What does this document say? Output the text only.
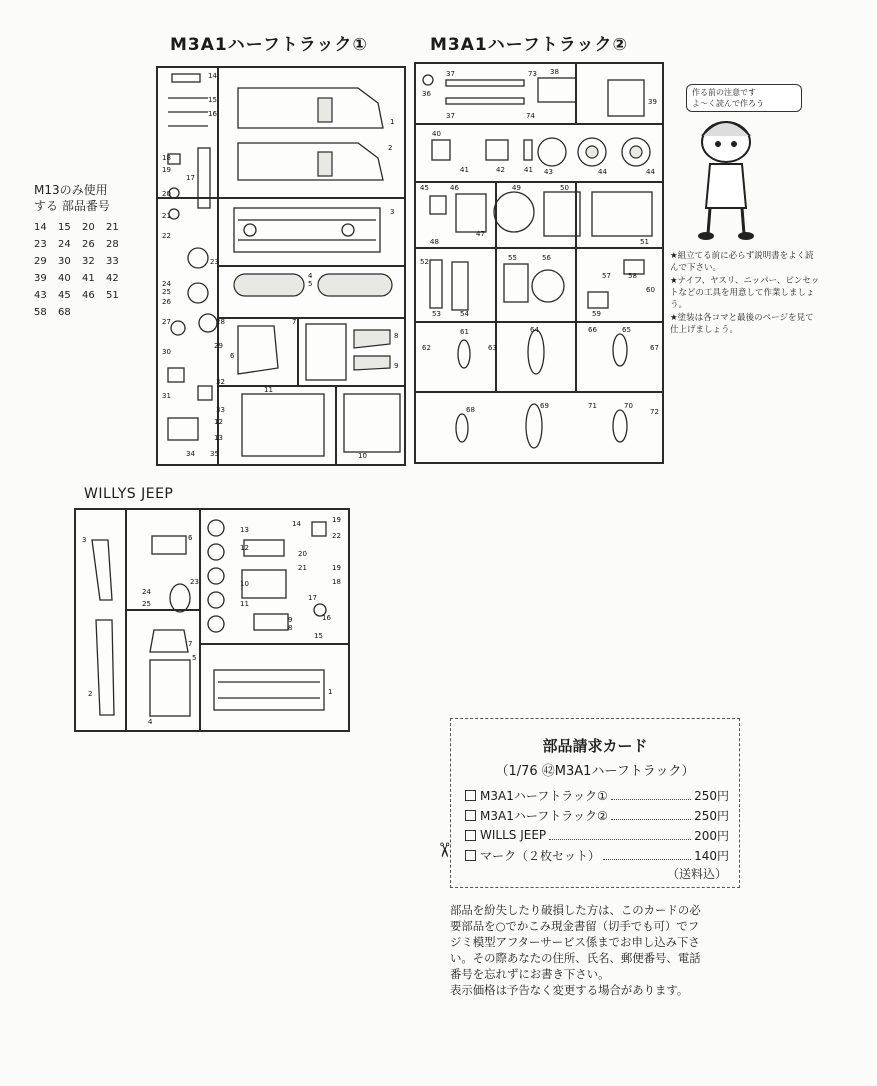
M3A1ハーフトラック①	M3A1ハーフトラック②
WILLYS JEEP
14
15
16
1
18
19
17
2
20
21	3
22
23
24
25
26
4
5
27	28
6
7
8
9
29
30
31
32
33
11
12
13
34 35	10
37	73 38
36
39
37	74
40
41	42	41 43	44	44
45	46	49	50
47
48	51
55	56
57 58
52
53	54	59
60
61	64	66	65
62	63	67
68	69	71	70
72
3	6
13
14	19
22
12
20
21
23	10	18
11
19
24
25
17
16
9
8
15
7
5
4
2	1
M13のみ使用
する 部品番号
14	15	20	21
23	24	26	28
29	30	32	33
39	40	41	42
43	45	46	51
58	68
作る前の注意です
よ～く読んで作ろう
★組立てる前に必らず説明書をよく読んで下さい。
★ナイフ、ヤスリ、ニッパー、ピンセットなどの工具を用意して作業しましょう。
★塗装は各コマと最後のページを見て仕上げましょう。
部品請求カード
（1/76 ㊷M3A1ハーフトラック）
M3A1ハーフトラック①	250円
M3A1ハーフトラック②	250円
WILLS JEEP	200円
マーク（２枚セット）	140円
（送料込）
✂
部品を紛失したり破損した方は、このカードの必
要部品を○でかこみ現金書留（切手でも可）でフ
ジミ模型アフターサービス係までお申し込み下さ
い。その際あなたの住所、氏名、郵便番号、電話
番号を忘れずにお書き下さい。
表示価格は予告なく変更する場合があります。
